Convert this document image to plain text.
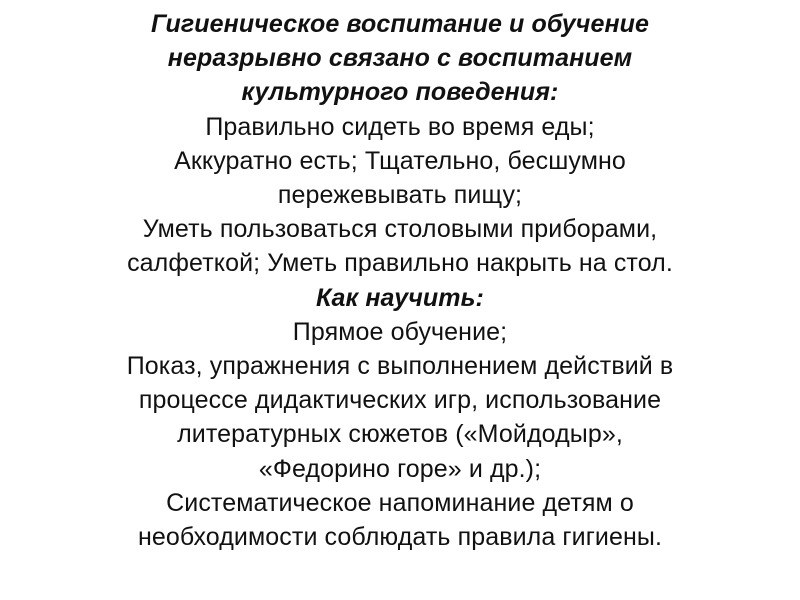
Гигиеническое воспитание и обучение
неразрывно связано с воспитанием
культурного поведения:
Правильно сидеть во время еды;
Аккуратно есть; Тщательно, бесшумно
пережевывать пищу;
Уметь пользоваться столовыми приборами,
салфеткой; Уметь правильно накрыть на стол.
Как научить:
Прямое обучение;
Показ, упражнения с выполнением действий в
процессе дидактических игр, использование
литературных сюжетов («Мойдодыр»,
«Федорино горе» и др.);
Систематическое напоминание детям о
необходимости соблюдать правила гигиены.
